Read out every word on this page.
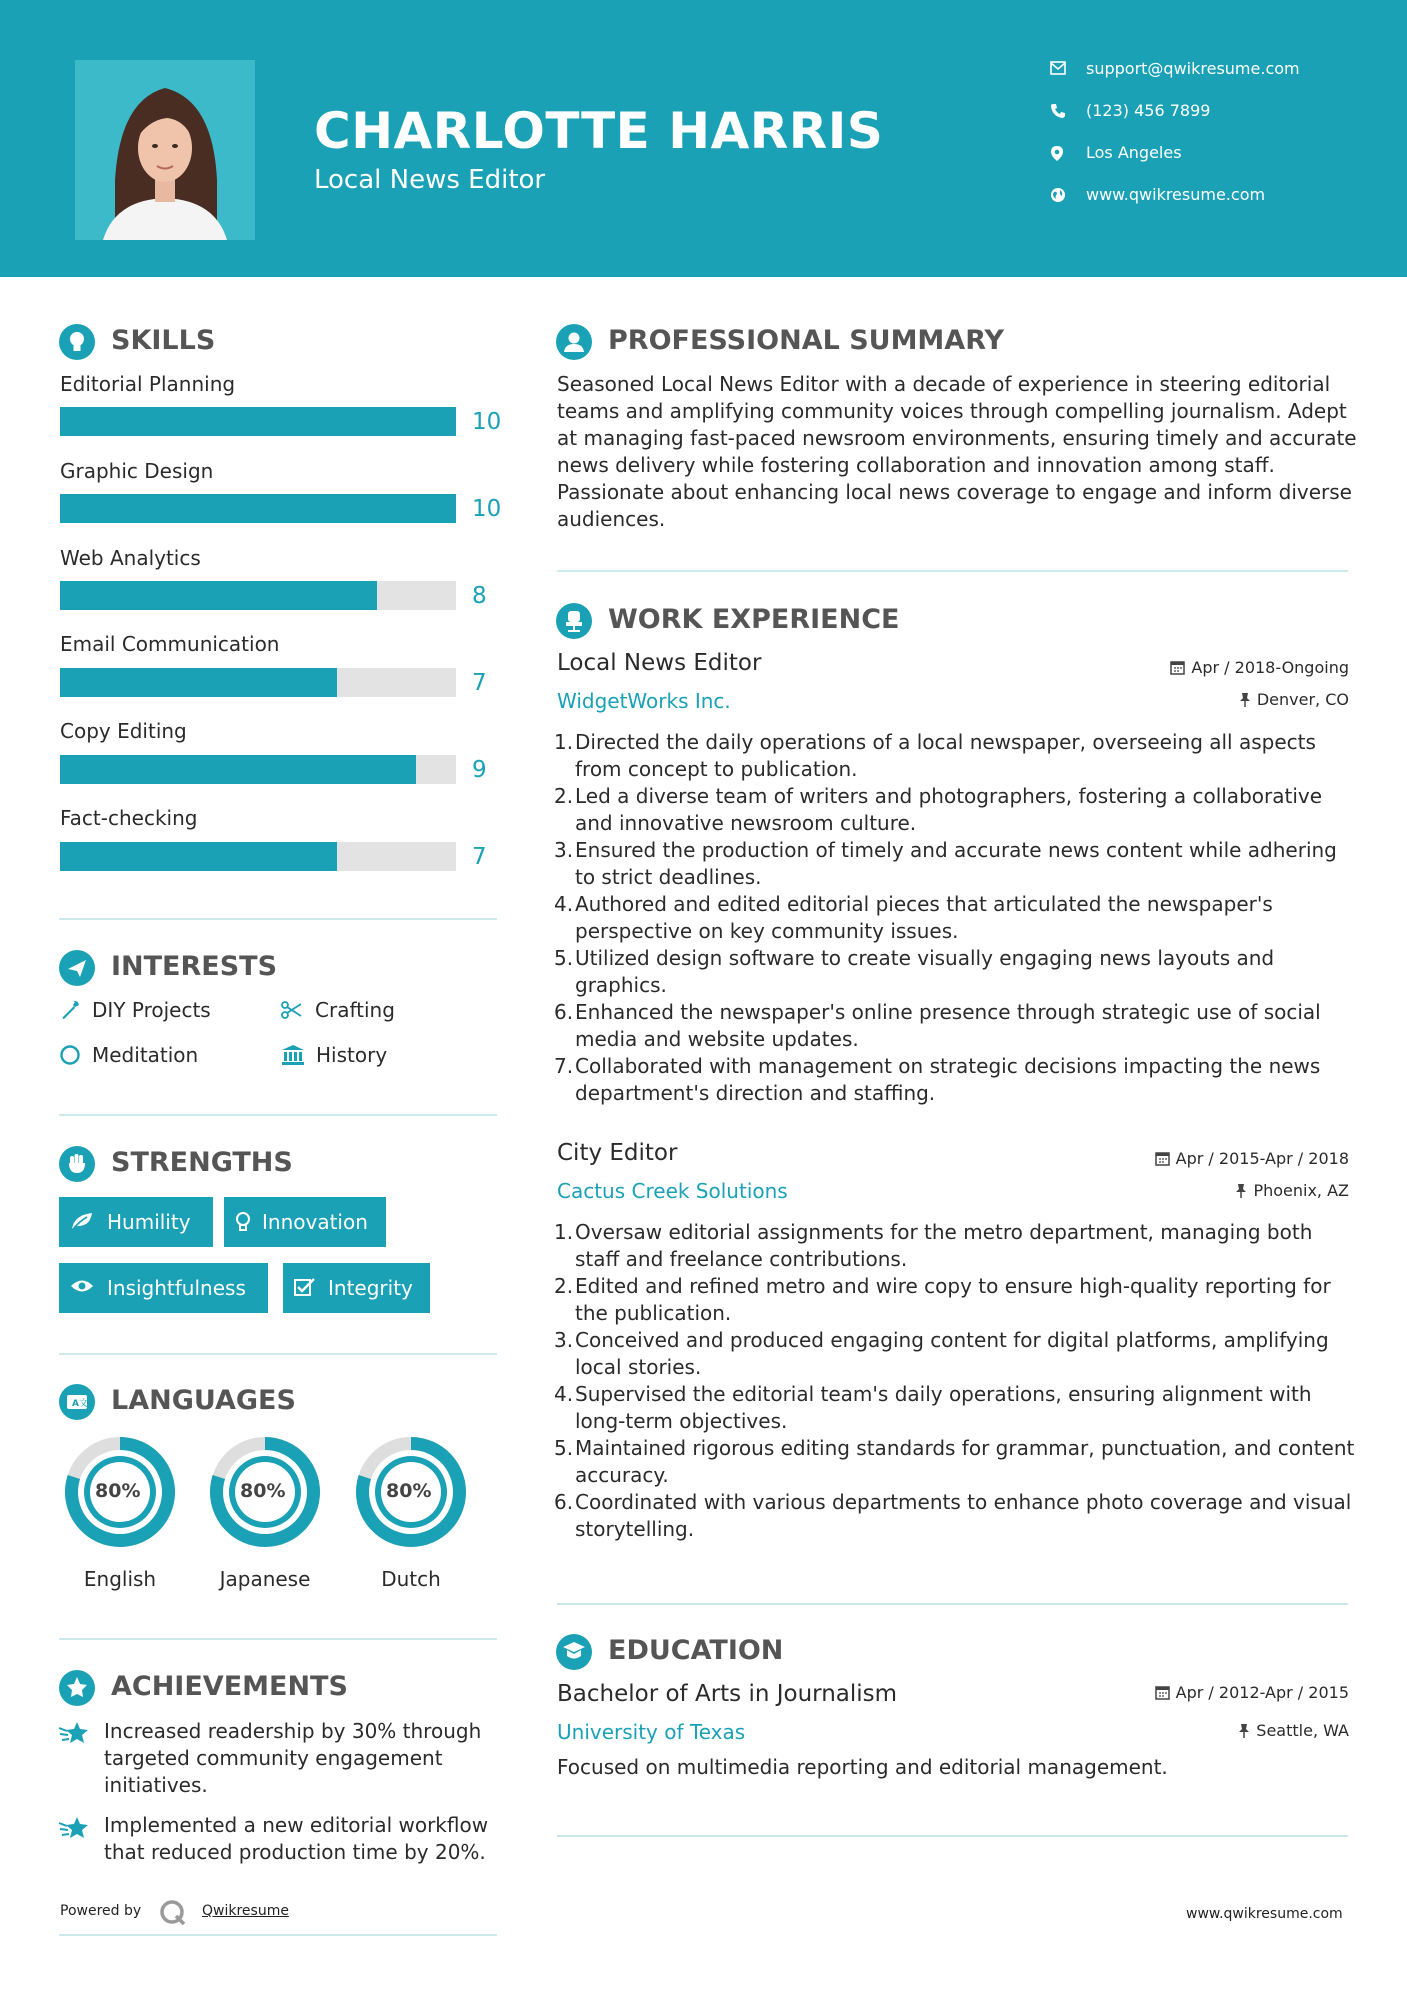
CHARLOTTE HARRIS
Local News Editor
support@qwikresume.com
(123) 456 7899
Los Angeles
www.qwikresume.com
SKILLS
Editorial Planning
10
Graphic Design
10
Web Analytics
8
Email Communication
7
Copy Editing
9
Fact-checking
7
INTERESTS
DIY Projects	Crafting
Meditation	History
STRENGTHS
Humility	Innovation
Insightfulness	Integrity
A 文 LANGUAGES
80%
English
80%
Japanese
80%
Dutch
ACHIEVEMENTS
Increased readership by 30% through targeted community engagement initiatives.
Implemented a new editorial workflow that reduced production time by 20%.
Powered by	Qwikresume
PROFESSIONAL SUMMARY
Seasoned Local News Editor with a decade of experience in steering editorial teams and amplifying community voices through compelling journalism. Adept at managing fast-paced newsroom environments, ensuring timely and accurate news delivery while fostering collaboration and innovation among staff. Passionate about enhancing local news coverage to engage and inform diverse audiences.
WORK EXPERIENCE
Local News Editor	Apr / 2018-Ongoing
WidgetWorks Inc.	Denver, CO
1. Directed the daily operations of a local newspaper, overseeing all aspects from concept to publication.
2. Led a diverse team of writers and photographers, fostering a collaborative and innovative newsroom culture.
3. Ensured the production of timely and accurate news content while adhering to strict deadlines.
4. Authored and edited editorial pieces that articulated the newspaper's perspective on key community issues.
5. Utilized design software to create visually engaging news layouts and graphics.
6. Enhanced the newspaper's online presence through strategic use of social media and website updates.
7. Collaborated with management on strategic decisions impacting the news department's direction and staffing.
City Editor	Apr / 2015-Apr / 2018
Cactus Creek Solutions	Phoenix, AZ
1. Oversaw editorial assignments for the metro department, managing both staff and freelance contributions.
2. Edited and refined metro and wire copy to ensure high-quality reporting for the publication.
3. Conceived and produced engaging content for digital platforms, amplifying local stories.
4. Supervised the editorial team's daily operations, ensuring alignment with long-term objectives.
5. Maintained rigorous editing standards for grammar, punctuation, and content accuracy.
6. Coordinated with various departments to enhance photo coverage and visual storytelling.
EDUCATION
Bachelor of Arts in Journalism	Apr / 2012-Apr / 2015
University of Texas	Seattle, WA
Focused on multimedia reporting and editorial management.
www.qwikresume.com
